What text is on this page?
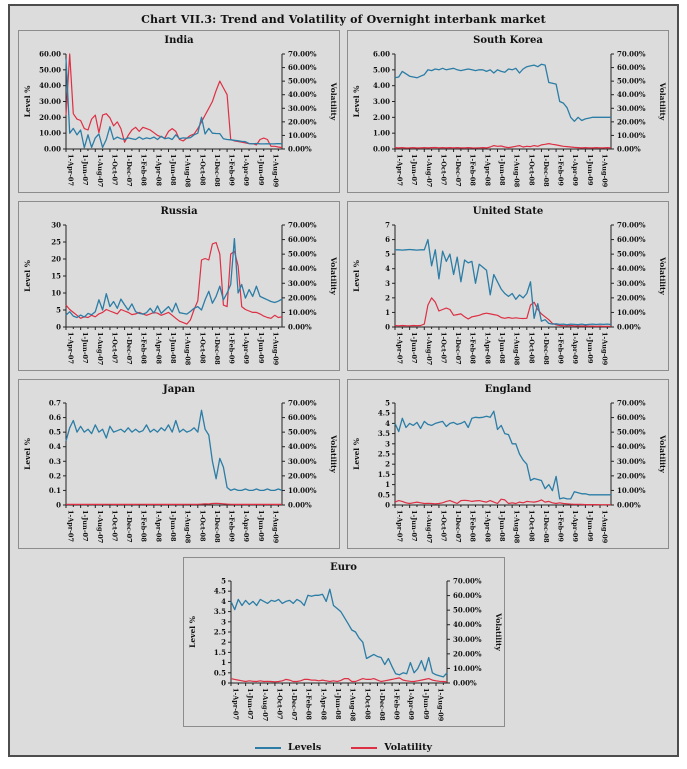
Chart VII.3: Trend and Volatility of Overnight interbank market
India
0.00
10.00
20.00
30.00
40.00
50.00
60.00
0.00%
10.00%
20.00%
30.00%
40.00%
50.00%
60.00%
70.00%
1-Apr-07 1-Jun-07 1-Aug-07 1-Oct-07 1-Dec-07 1-Feb-08 1-Apr-08 1-Jun-08 1-Aug-08 1-Oct-08 1-Dec-08 1-Feb-09 1-Apr-09 1-Jun-09 1-Aug-09
Level %	Volatility
South Korea
0.00
1.00
2.00
3.00
4.00
5.00
6.00
0.00%
10.00%
20.00%
30.00%
40.00%
50.00%
60.00%
70.00%
1-Apr-07 1-Jun-07 1-Aug-07 1-Oct-07 1-Dec-07 1-Feb-08 1-Apr-08 1-Jun-08 1-Aug-08 1-Oct-08 1-Dec-08 1-Feb-09 1-Apr-09 1-Jun-09 1-Aug-09
Level %	Volatility
Russia
0
5
10
15
20
25
30
0.00%
10.00%
20.00%
30.00%
40.00%
50.00%
60.00%
70.00%
1-Apr-07 1-Jun-07 1-Aug-07 1-Oct-07 1-Dec-07 1-Feb-08 1-Apr-08 1-Jun-08 1-Aug-08 1-Oct-08 1-Dec-08 1-Feb-09 1-Apr-09 1-Jun-09 1-Aug-09
Level %	Volatility
United State
0
1
2
3
4
5
6
7
0.00%
10.00%
20.00%
30.00%
40.00%
50.00%
60.00%
70.00%
1-Apr-07 1-Jun-07 1-Aug-07 1-Oct-07 1-Dec-07 1-Feb-08 1-Apr-08 1-Jun-08 1-Aug-08 1-Oct-08 1-Dec-08 1-Feb-09 1-Apr-09 1-Jun-09 1-Aug-09
Level %	Volatility
Japan
0
0.1
0.2
0.3
0.4
0.5
0.6
0.7
0.00%
10.00%
20.00%
30.00%
40.00%
50.00%
60.00%
70.00%
1-Apr-07 1-Jun-07 1-Aug-07 1-Oct-07 1-Dec-07 1-Feb-08 1-Apr-08 1-Jun-08 1-Aug-08 1-Oct-08 1-Dec-08 1-Feb-09 1-Apr-09 1-Jun-09 1-Aug-09
Level %	Volatility
England
0
0.5
1
1.5
2
2.5
3
3.5
4
4.5
5
0.00%
10.00%
20.00%
30.00%
40.00%
50.00%
60.00%
70.00%
1-Apr-07 1-Jun-07 1-Aug-07 1-Oct-07 1-Dec-07 1-Feb-08 1-Apr-08 1-Jun-08 1-Aug-08 1-Oct-08 1-Dec-08 1-Feb-09 1-Apr-09 1-Jun-09 1-Aug-09
Level %	Volatility
Euro
0
0.5
1
1.5
2
2.5
3
3.5
4
4.5
5
0.00%
10.00%
20.00%
30.00%
40.00%
50.00%
60.00%
70.00%
1-Apr-07 1-Jun-07 1-Aug-07 1-Oct-07 1-Dec-07 1-Feb-08 1-Apr-08 1-Jun-08 1-Aug-08 1-Oct-08 1-Dec-08 1-Feb-09 1-Apr-09 1-Jun-09 1-Aug-09
Level %	Volatility
Levels	Volatility
